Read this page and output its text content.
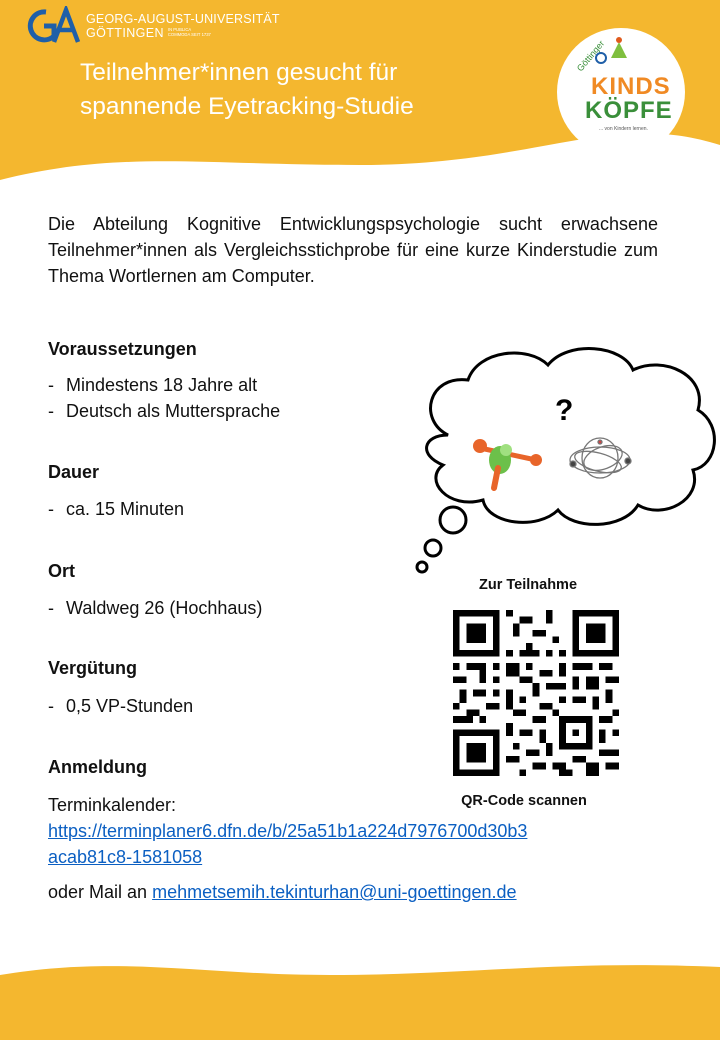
GEORG-AUGUST-UNIVERSITÄT
GÖTTINGEN IN PUBLICA COMMODA SEIT 1737
Teilnehmer*innen gesucht für
spannende Eyetracking-Studie
Göttinger
KINDS
KÖPFE
... von Kindern lernen.

Die Abteilung Kognitive Entwicklungspsychologie sucht erwachsene Teilnehmer*innen als Vergleichsstichprobe für eine kurze Kinderstudie zum Thema Wortlernen am Computer.

Voraussetzungen

- Mindestens 18 Jahre alt

- Deutsch als Muttersprache

Dauer

- ca. 15 Minuten

Ort

- Waldweg 26 (Hochhaus)

Vergütung

- 0,5 VP-Stunden

Anmeldung

Terminkalender:

https://terminplaner6.dfn.de/b/25a51b1a224d7976700d30b3
acab81c8-1581058

oder Mail an mehmetsemih.tekinturhan@uni-goettingen.de

?

Zur Teilnahme

QR-Code scannen
